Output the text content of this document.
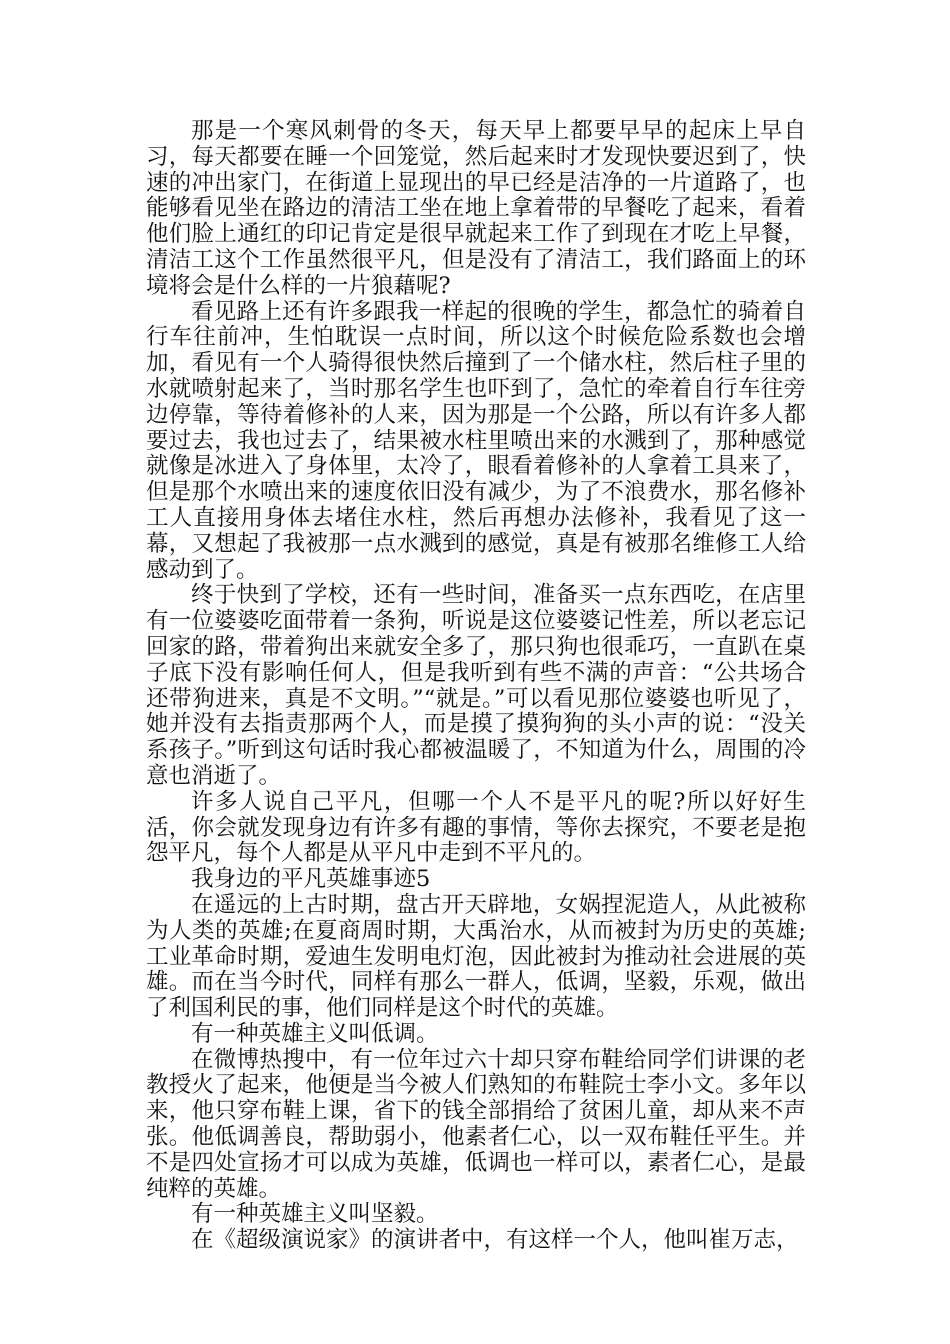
那是一个寒风刺骨的冬天，每天早上都要早早的起床上早自习，每天都要在睡一个回笼觉，然后起来时才发现快要迟到了，快速的冲出家门，在街道上显现出的早已经是洁净的一片道路了，也能够看见坐在路边的清洁工坐在地上拿着带的早餐吃了起来，看着他们脸上通红的印记肯定是很早就起来工作了到现在才吃上早餐，清洁工这个工作虽然很平凡，但是没有了清洁工，我们路面上的环境将会是什么样的一片狼藉呢?

看见路上还有许多跟我一样起的很晚的学生，都急忙的骑着自行车往前冲，生怕耽误一点时间，所以这个时候危险系数也会增加，看见有一个人骑得很快然后撞到了一个储水柱，然后柱子里的水就喷射起来了，当时那名学生也吓到了，急忙的牵着自行车往旁边停靠，等待着修补的人来，因为那是一个公路，所以有许多人都要过去，我也过去了，结果被水柱里喷出来的水溅到了，那种感觉就像是冰进入了身体里，太冷了，眼看着修补的人拿着工具来了，但是那个水喷出来的速度依旧没有减少，为了不浪费水，那名修补工人直接用身体去堵住水柱，然后再想办法修补，我看见了这一幕，又想起了我被那一点水溅到的感觉，真是有被那名维修工人给感动到了。

终于快到了学校，还有一些时间，准备买一点东西吃，在店里有一位婆婆吃面带着一条狗，听说是这位婆婆记性差，所以老忘记回家的路，带着狗出来就安全多了，那只狗也很乖巧，一直趴在桌子底下没有影响任何人，但是我听到有些不满的声音：“公共场合还带狗进来，真是不文明。”“就是。”可以看见那位婆婆也听见了，她并没有去指责那两个人，而是摸了摸狗狗的头小声的说：“没关系孩子。”听到这句话时我心都被温暖了，不知道为什么，周围的冷意也消逝了。

许多人说自己平凡，但哪一个人不是平凡的呢?所以好好生活，你会就发现身边有许多有趣的事情，等你去探究，不要老是抱怨平凡，每个人都是从平凡中走到不平凡的。

我身边的平凡英雄事迹5

在遥远的上古时期，盘古开天辟地，女娲捏泥造人，从此被称为人类的英雄;在夏商周时期，大禹治水，从而被封为历史的英雄;工业革命时期，爱迪生发明电灯泡，因此被封为推动社会进展的英雄。而在当今时代，同样有那么一群人，低调，坚毅，乐观，做出了利国利民的事，他们同样是这个时代的英雄。

有一种英雄主义叫低调。

在微博热搜中，有一位年过六十却只穿布鞋给同学们讲课的老教授火了起来，他便是当今被人们熟知的布鞋院士李小文。多年以来，他只穿布鞋上课，省下的钱全部捐给了贫困儿童，却从来不声张。他低调善良，帮助弱小，他素者仁心，以一双布鞋任平生。并不是四处宣扬才可以成为英雄，低调也一样可以，素者仁心，是最纯粹的英雄。

有一种英雄主义叫坚毅。

在《超级演说家》的演讲者中，有这样一个人，他叫崔万志，
